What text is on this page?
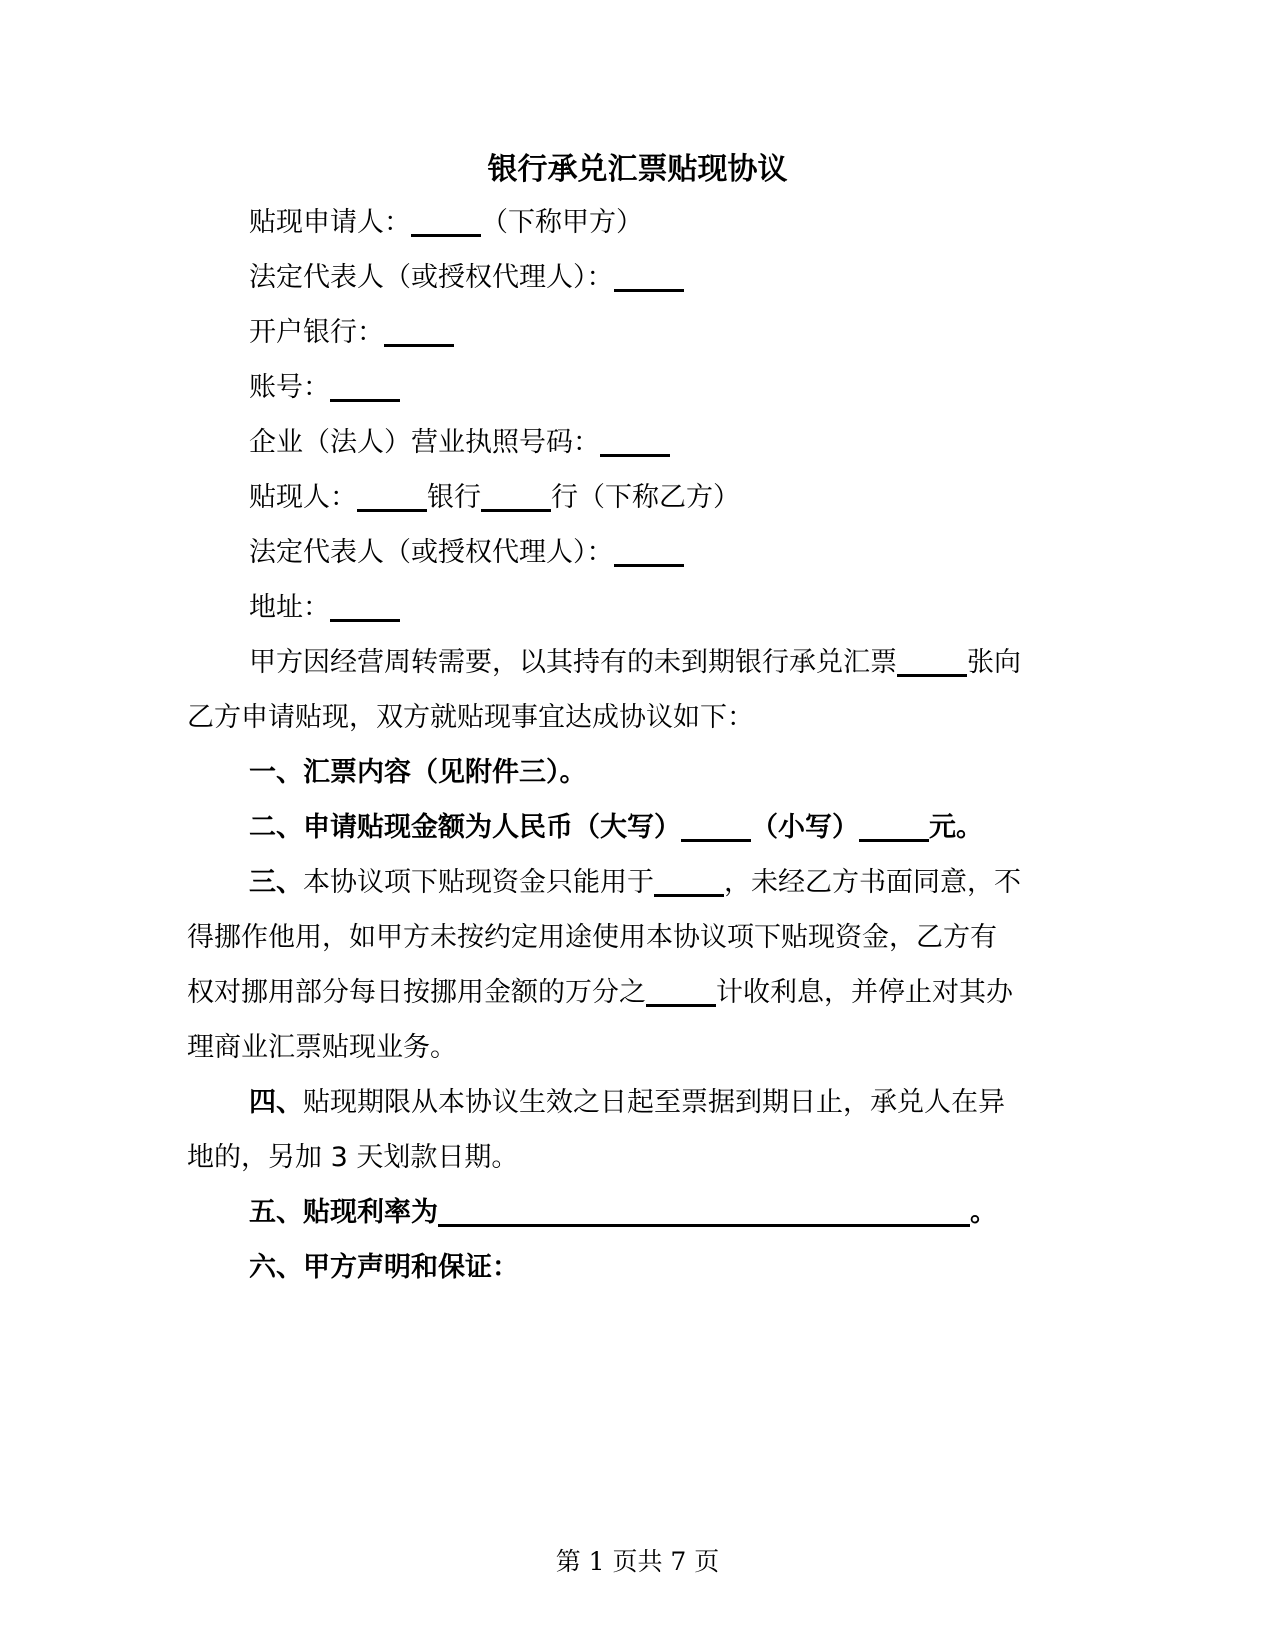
银行承兑汇票贴现协议
贴现申请人：	（下称甲方）
法定代表人（或授权代理人）：
开户银行：
账号：
企业（法人）营业执照号码：
贴现人：	银行	行（下称乙方）
法定代表人（或授权代理人）：
地址：
甲方因经营周转需要，以其持有的未到期银行承兑汇票	张向
乙方申请贴现，双方就贴现事宜达成协议如下：
一、汇票内容（见附件三）。
二、申请贴现金额为人民币（大写）	（小写）	元。
三、本协议项下贴现资金只能用于	，未经乙方书面同意，不
得挪作他用，如甲方未按约定用途使用本协议项下贴现资金，乙方有
权对挪用部分每日按挪用金额的万分之	计收利息，并停止对其办
理商业汇票贴现业务。
四、贴现期限从本协议生效之日起至票据到期日止，承兑人在异
地的，另加 3 天划款日期。
五、贴现利率为	。
六、甲方声明和保证：
第 1 页共 7 页
